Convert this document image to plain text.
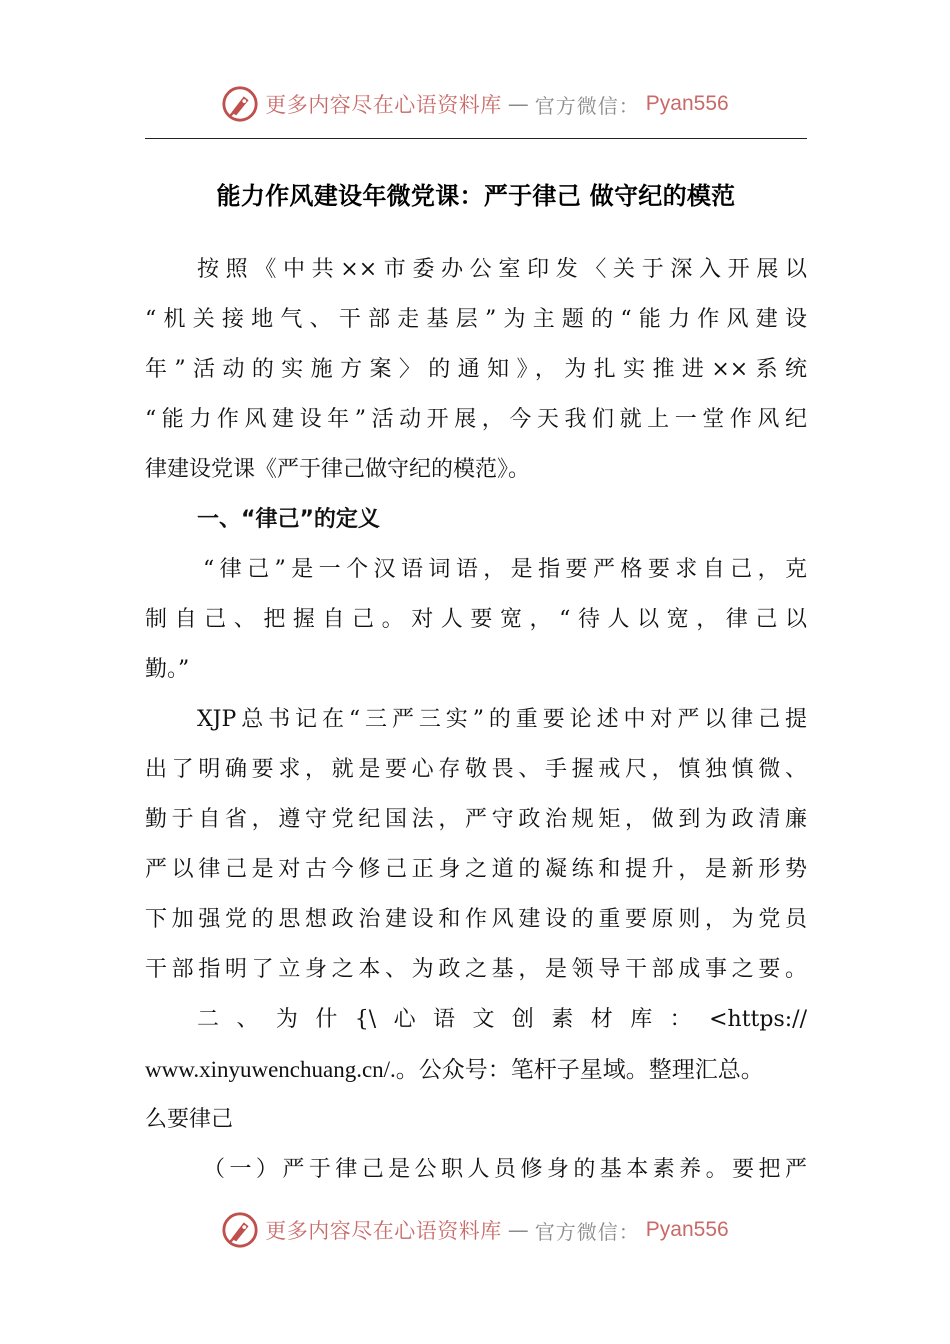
更多内容尽在心语资料库 — 官方微信： Pyan556
能力作风建设年微党课：严于律己 做守纪的模范
按照《中共××市委办公室印发〈关于深入开展以
“机关接地气、干部走基层”为主题的“能力作风建设
年”活动的实施方案〉的通知》，为扎实推进××系统
“能力作风建设年”活动开展，今天我们就上一堂作风纪
律建设党课《严于律己做守纪的模范》。
一、“律己”的定义
“律己”是一个汉语词语，是指要严格要求自己，克
制自己、把握自己。对人要宽，“待人以宽，律己以
勤。”
XJP总书记在“三严三实”的重要论述中对严以律己提
出了明确要求，就是要心存敬畏、手握戒尺，慎独慎微、
勤于自省，遵守党纪国法，严守政治规矩，做到为政清廉
严以律己是对古今修己正身之道的凝练和提升，是新形势
下加强党的思想政治建设和作风建设的重要原则，为党员
干部指明了立身之本、为政之基，是领导干部成事之要。
二、为什{\心语文创素材库：<https://
www.xinyuwenchuang.cn/.。公众号：笔杆子星域。整理汇总。
么要律己
（一）严于律己是公职人员修身的基本素养。要把严
更多内容尽在心语资料库 — 官方微信： Pyan556
